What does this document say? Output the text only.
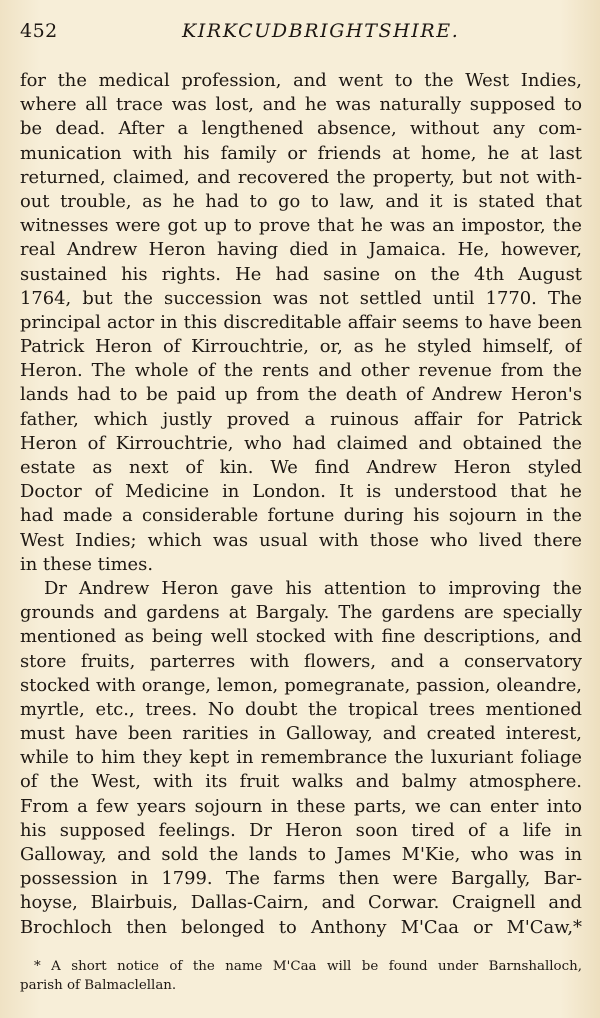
452	KIRKCUDBRIGHTSHIRE.
for the medical profession, and went to the West Indies,
where all trace was lost, and he was naturally supposed to
be dead. After a lengthened absence, without any com-
munication with his family or friends at home, he at last
returned, claimed, and recovered the property, but not with-
out trouble, as he had to go to law, and it is stated that
witnesses were got up to prove that he was an impostor, the
real Andrew Heron having died in Jamaica. He, however,
sustained his rights. He had sasine on the 4th August
1764, but the succession was not settled until 1770. The
principal actor in this discreditable affair seems to have been
Patrick Heron of Kirrouchtrie, or, as he styled himself, of
Heron. The whole of the rents and other revenue from the
lands had to be paid up from the death of Andrew Heron's
father, which justly proved a ruinous affair for Patrick
Heron of Kirrouchtrie, who had claimed and obtained the
estate as next of kin. We find Andrew Heron styled
Doctor of Medicine in London. It is understood that he
had made a considerable fortune during his sojourn in the
West Indies; which was usual with those who lived there
in these times.
Dr Andrew Heron gave his attention to improving the
grounds and gardens at Bargaly. The gardens are specially
mentioned as being well stocked with fine descriptions, and
store fruits, parterres with flowers, and a conservatory
stocked with orange, lemon, pomegranate, passion, oleandre,
myrtle, etc., trees. No doubt the tropical trees mentioned
must have been rarities in Galloway, and created interest,
while to him they kept in remembrance the luxuriant foliage
of the West, with its fruit walks and balmy atmosphere.
From a few years sojourn in these parts, we can enter into
his supposed feelings. Dr Heron soon tired of a life in
Galloway, and sold the lands to James M'Kie, who was in
possession in 1799. The farms then were Bargally, Bar-
hoyse, Blairbuis, Dallas-Cairn, and Corwar. Craignell and
Brochloch then belonged to Anthony M'Caa or M'Caw,*
* A short notice of the name M'Caa will be found under Barnshalloch,
parish of Balmaclellan.
